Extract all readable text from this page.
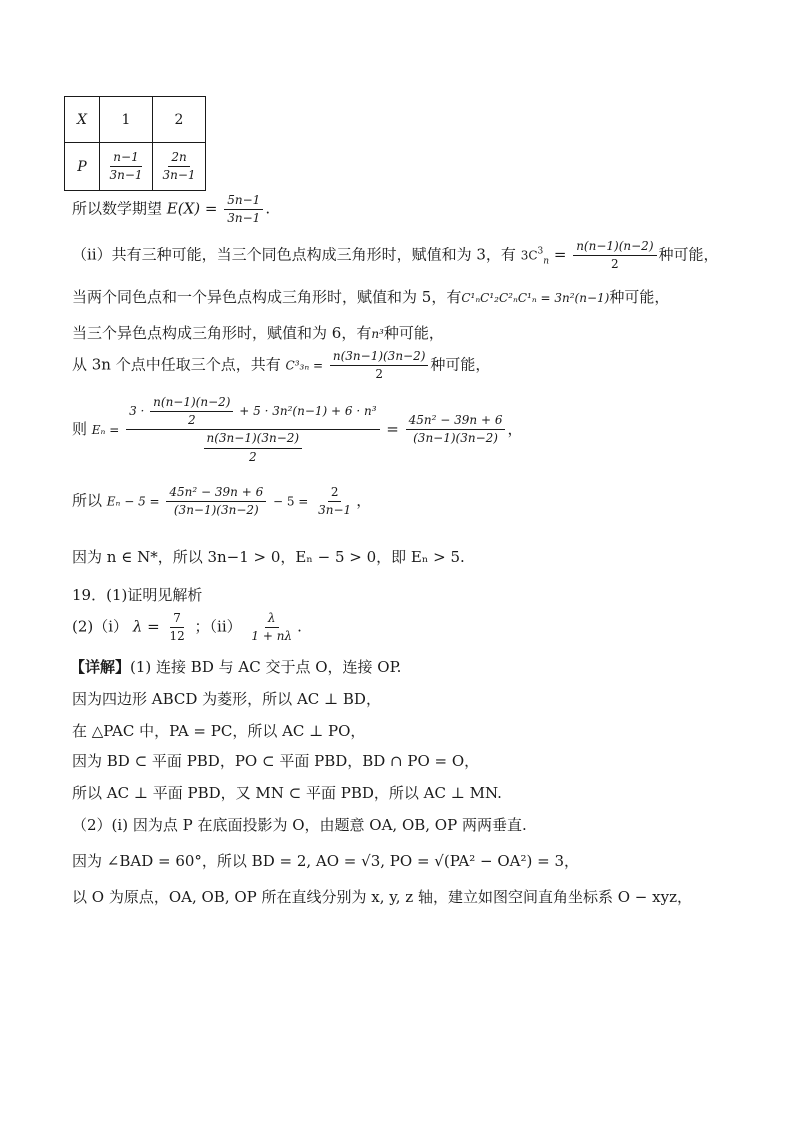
X	1	2
P	$\frac{n-1}{3n-1}$	$\frac{2n}{3n-1}$
所以数学期望 $E(X) = \frac{5n-1}{3n-1}$ .
（ⅱ）共有三种可能，当三个同色点构成三角形时，赋值和为 3，有 $3C^3_n = \frac{n(n-1)(n-2)}{2}$ 种可能，
当两个同色点和一个异色点构成三角形时，赋值和为 5，有C¹ₙC¹₂C²ₙC¹ₙ = 3n²(n−1)种可能，
当三个异色点构成三角形时，赋值和为 6，有n³种可能，
从 3n 个点中任取三个点，共有 $C^3_{3n} = \frac{n(3n-1)(3n-2)}{2}$ 种可能，
则 $E_n = \frac{3 \cdot \frac{n(n-1)(n-2)}{2} + 5 \cdot 3n^2(n-1) + 6 \cdot n^3}{\frac{n(3n-1)(3n-2)}{2}} = \frac{\text{45n² − 39n + 6}}{(3n-1)(3n-2)}$ ，
所以 $E_n - 5 = \frac{\text{45n² − 39n + 6}}{(3n-1)(3n-2)} - 5 = \frac{2}{3n-1}$ ，
因为 n ∈ N*，所以 3n−1 > 0，Eₙ − 5 > 0，即 Eₙ > 5.
19．(1)证明见解析
(2)（i） $\lambda = \frac{7}{12}$ ；$(ii) \frac{\lambda}{1 + n\lambda}$ .
【详解】(1) 连接 BD 与 AC 交于点 O，连接 OP.
因为四边形 ABCD 为菱形，所以 AC ⊥ BD，
在 △PAC 中，PA = PC，所以 AC ⊥ PO，
因为 BD ⊂ 平面 PBD，PO ⊂ 平面 PBD，BD ∩ PO = O，
所以 AC ⊥ 平面 PBD，又 MN ⊂ 平面 PBD，所以 AC ⊥ MN.
（2）(i) 因为点 P 在底面投影为 O，由题意 OA, OB, OP 两两垂直.
因为 ∠BAD = 60°，所以 BD = 2, AO = √3, PO = √(PA² − OA²) = 3，
以 O 为原点，OA, OB, OP 所在直线分别为 x, y, z 轴，建立如图空间直角坐标系 O − xyz，
